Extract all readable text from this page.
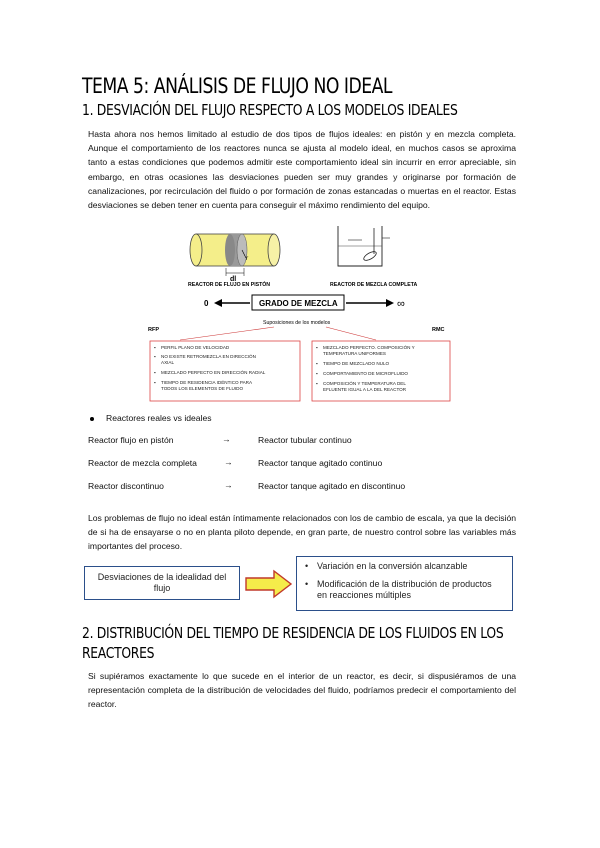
TEMA 5: ANÁLISIS DE FLUJO NO IDEAL
1. DESVIACIÓN DEL FLUJO RESPECTO A LOS MODELOS IDEALES
Hasta ahora nos hemos limitado al estudio de dos tipos de flujos ideales: en pistón y en mezcla completa. Aunque el comportamiento de los reactores nunca se ajusta al modelo ideal, en muchos casos se aproxima tanto a estas condiciones que podemos admitir este comportamiento ideal sin incurrir en error apreciable, sin embargo, en otras ocasiones las desviaciones pueden ser muy grandes y originarse por formación de canalizaciones, por recirculación del fluido o por formación de zonas estancadas o muertas en el reactor. Estas desviaciones se deben tener en cuenta para conseguir el máximo rendimiento del equipo.
r
dl
REACTOR DE FLUJO EN PISTÓN	REACTOR DE MEZCLA COMPLETA
0	GRADO DE MEZCLA	∞
Suposiciones de los modelos
RFP	RMC
▪ PERFIL PLANO DE VELOCIDAD
▪ NO EXISTE RETROMEZCLA EN DIRECCIÓN
AXIAL
▪ MEZCLADO PERFECTO EN DIRECCIÓN RADIAL
▪ TIEMPO DE RESIDENCIA IDÉNTICO PARA
TODOS LOS ELEMENTOS DE FLUIDO
▪ MEZCLADO PERFECTO. COMPOSICIÓN Y
TEMPERATURA UNIFORMES
▪ TIEMPO DE MEZCLADO NULO
▪ COMPORTAMIENTO DE MICROFLUIDO
▪ COMPOSICIÓN Y TEMPERATURA DEL
EFLUENTE IGUAL A LA DEL REACTOR
Reactores reales vs ideales
Reactor flujo en pistón	→	Reactor tubular continuo
Reactor de mezcla completa	→	Reactor tanque agitado continuo
Reactor discontinuo	→	Reactor tanque agitado en discontinuo
Los problemas de flujo no ideal están íntimamente relacionados con los de cambio de escala, ya que la decisión de si ha de ensayarse o no en planta piloto depende, en gran parte, de nuestro control sobre las variables más importantes del proceso.
Desviaciones de la idealidad del flujo
• Variación en la conversión alcanzable
• Modificación de la distribución de productos
en reacciones múltiples
2. DISTRIBUCIÓN DEL TIEMPO DE RESIDENCIA DE LOS FLUIDOS EN LOS
REACTORES
Si supiéramos exactamente lo que sucede en el interior de un reactor, es decir, si dispusiéramos de una representación completa de la distribución de velocidades del fluido, podríamos predecir el comportamiento del reactor.
